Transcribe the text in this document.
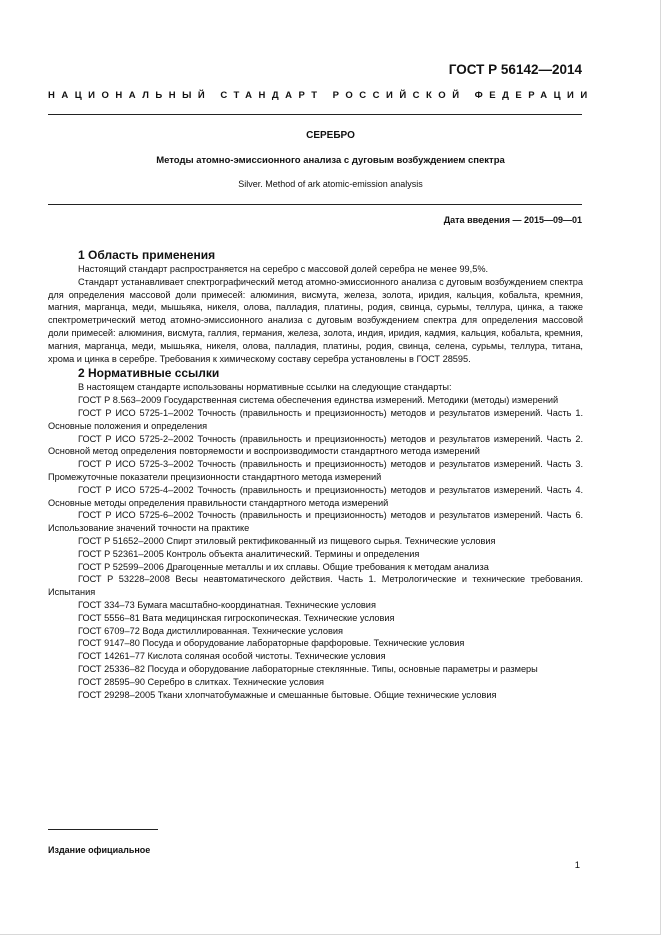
ГОСТ Р 56142—2014
НАЦИОНАЛЬНЫЙ СТАНДАРТ РОССИЙСКОЙ ФЕДЕРАЦИИ
СЕРЕБРО
Методы атомно-эмиссионного анализа с дуговым возбуждением спектра
Silver. Method of ark atomic-emission analysis
Дата введения — 2015—09—01
1 Область применения

Настоящий стандарт распространяется на серебро с массовой долей серебра не менее 99,5%.

Стандарт устанавливает спектрографический метод атомно-эмиссионного анализа с дуговым возбуждением спектра для определения массовой доли примесей: алюминия, висмута, железа, золота, иридия, кальция, кобальта, кремния, магния, марганца, меди, мышьяка, никеля, олова, палладия, платины, родия, свинца, сурьмы, теллура, цинка, а также спектрометрический метод атомно-эмиссионного анализа с дуговым возбуждением спектра для определения массовой доли примесей: алюминия, висмута, галлия, германия, железа, золота, индия, иридия, кадмия, кальция, кобальта, кремния, магния, марганца, меди, мышьяка, никеля, олова, палладия, платины, родия, свинца, селена, сурьмы, теллура, титана, хрома и цинка в серебре. Требования к химическому составу серебра установлены в ГОСТ 28595.

2 Нормативные ссылки

В настоящем стандарте использованы нормативные ссылки на следующие стандарты:

ГОСТ Р 8.563–2009 Государственная система обеспечения единства измерений. Методики (методы) измерений

ГОСТ Р ИСО 5725-1–2002 Точность (правильность и прецизионность) методов и результатов измерений. Часть 1. Основные положения и определения

ГОСТ Р ИСО 5725-2–2002 Точность (правильность и прецизионность) методов и результатов измерений. Часть 2. Основной метод определения повторяемости и воспроизводимости стандартного метода измерений

ГОСТ Р ИСО 5725-3–2002 Точность (правильность и прецизионность) методов и результатов измерений. Часть 3. Промежуточные показатели прецизионности стандартного метода измерений

ГОСТ Р ИСО 5725-4–2002 Точность (правильность и прецизионность) методов и результатов измерений. Часть 4. Основные методы определения правильности стандартного метода измерений

ГОСТ Р ИСО 5725-6–2002 Точность (правильность и прецизионность) методов и результатов измерений. Часть 6. Использование значений точности на практике

ГОСТ Р 51652–2000 Спирт этиловый ректификованный из пищевого сырья. Технические условия

ГОСТ Р 52361–2005 Контроль объекта аналитический. Термины и определения

ГОСТ Р 52599–2006 Драгоценные металлы и их сплавы. Общие требования к методам анализа

ГОСТ Р 53228–2008 Весы неавтоматического действия. Часть 1. Метрологические и технические требования. Испытания

ГОСТ 334–73 Бумага масштабно-координатная. Технические условия

ГОСТ 5556–81 Вата медицинская гигроскопическая. Технические условия

ГОСТ 6709–72 Вода дистиллированная. Технические условия

ГОСТ 9147–80 Посуда и оборудование лабораторные фарфоровые. Технические условия

ГОСТ 14261–77 Кислота соляная особой чистоты. Технические условия

ГОСТ 25336–82 Посуда и оборудование лабораторные стеклянные. Типы, основные параметры и размеры

ГОСТ 28595–90 Серебро в слитках. Технические условия

ГОСТ 29298–2005 Ткани хлопчатобумажные и смешанные бытовые. Общие технические условия

Издание официальное
1
